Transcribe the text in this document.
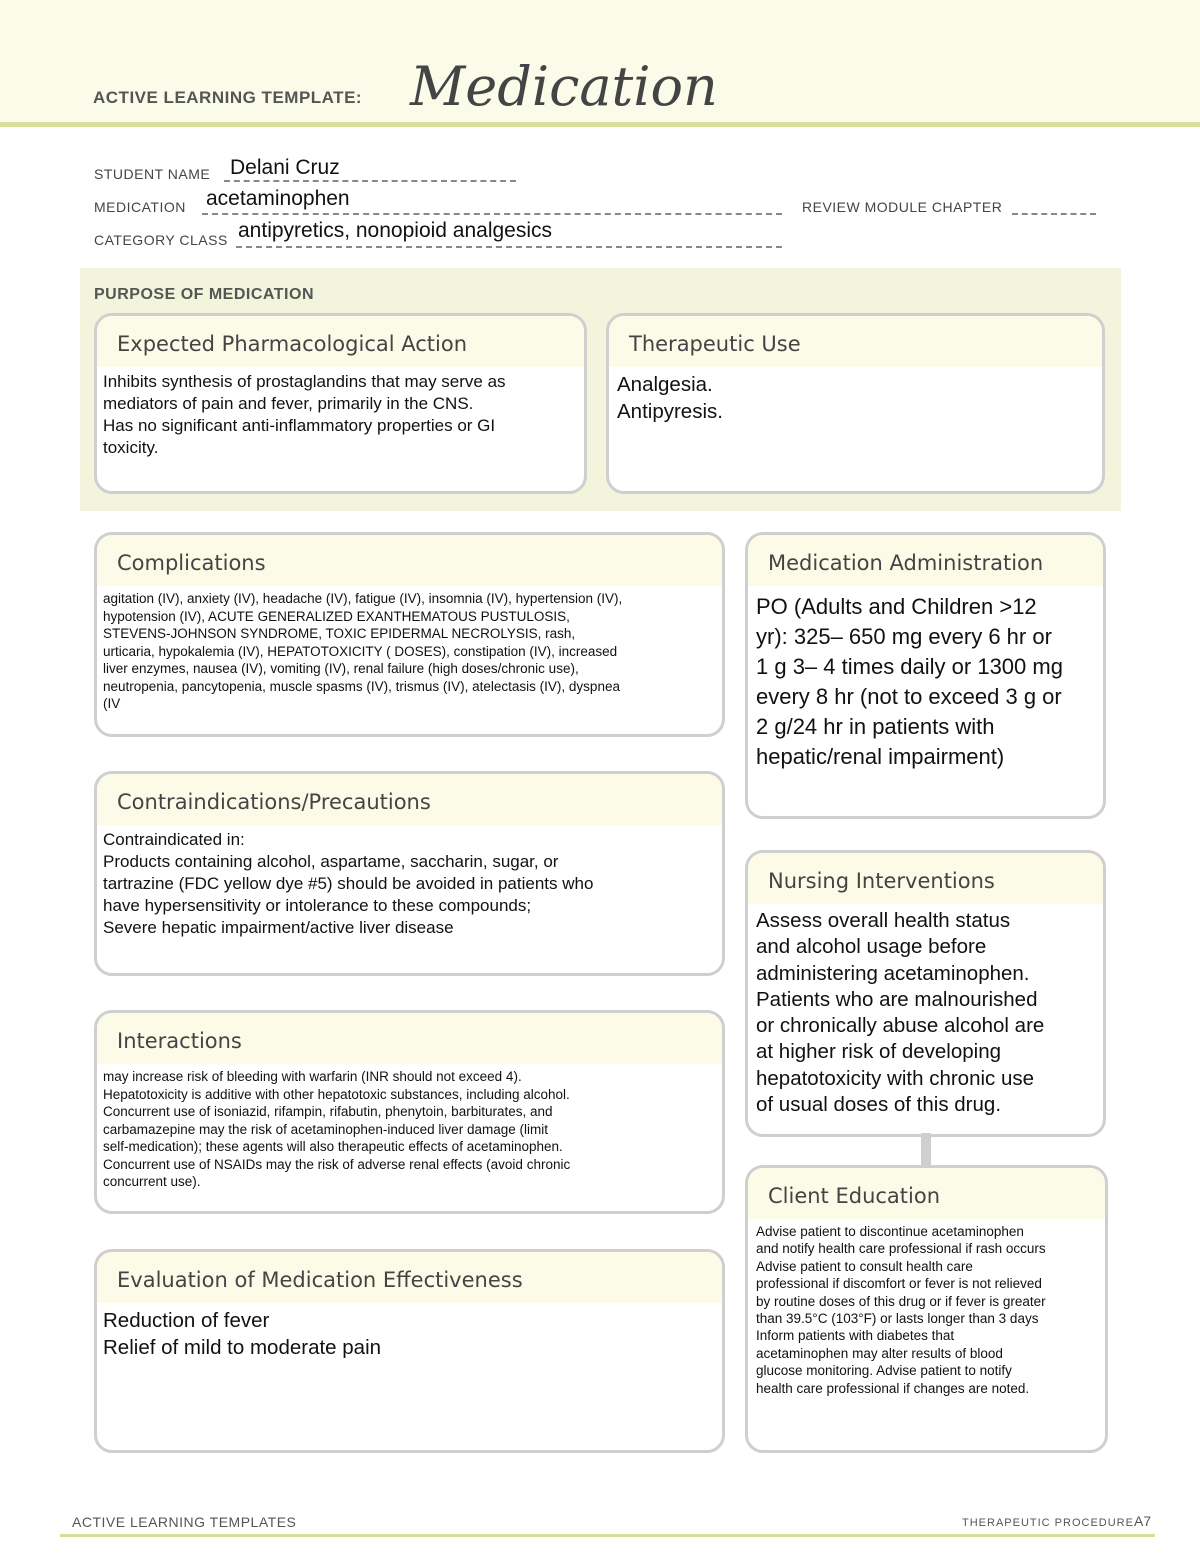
ACTIVE LEARNING TEMPLATE: Medication
STUDENT NAME Delani Cruz
MEDICATION acetaminophen	REVIEW MODULE CHAPTER
CATEGORY CLASS antipyretics, nonopioid analgesics
PURPOSE OF MEDICATION
Expected Pharmacological Action
Inhibits synthesis of prostaglandins that may serve as
mediators of pain and fever, primarily in the CNS.
Has no significant anti-inflammatory properties or GI
toxicity.
Therapeutic Use
Analgesia.
Antipyresis.
Complications
agitation (IV), anxiety (IV), headache (IV), fatigue (IV), insomnia (IV), hypertension (IV),
hypotension (IV), ACUTE GENERALIZED EXANTHEMATOUS PUSTULOSIS,
STEVENS-JOHNSON SYNDROME, TOXIC EPIDERMAL NECROLYSIS, rash,
urticaria, hypokalemia (IV), HEPATOTOXICITY ( DOSES), constipation (IV), increased
liver enzymes, nausea (IV), vomiting (IV), renal failure (high doses/chronic use),
neutropenia, pancytopenia, muscle spasms (IV), trismus (IV), atelectasis (IV), dyspnea
(IV
Medication Administration
PO (Adults and Children >12
yr): 325– 650 mg every 6 hr or
1 g 3– 4 times daily or 1300 mg
every 8 hr (not to exceed 3 g or
2 g/24 hr in patients with
hepatic/renal impairment)
Contraindications/Precautions
Contraindicated in:
Products containing alcohol, aspartame, saccharin, sugar, or
tartrazine (FDC yellow dye #5) should be avoided in patients who
have hypersensitivity or intolerance to these compounds;
Severe hepatic impairment/active liver disease
Nursing Interventions
Assess overall health status
and alcohol usage before
administering acetaminophen.
Patients who are malnourished
or chronically abuse alcohol are
at higher risk of developing
hepatotoxicity with chronic use
of usual doses of this drug.
Interactions
may increase risk of bleeding with warfarin (INR should not exceed 4).
Hepatotoxicity is additive with other hepatotoxic substances, including alcohol.
Concurrent use of isoniazid, rifampin, rifabutin, phenytoin, barbiturates, and
carbamazepine may the risk of acetaminophen-induced liver damage (limit
self-medication); these agents will also therapeutic effects of acetaminophen.
Concurrent use of NSAIDs may the risk of adverse renal effects (avoid chronic
concurrent use).
Client Education
Advise patient to discontinue acetaminophen
and notify health care professional if rash occurs
Advise patient to consult health care
professional if discomfort or fever is not relieved
by routine doses of this drug or if fever is greater
than 39.5°C (103°F) or lasts longer than 3 days
Inform patients with diabetes that
acetaminophen may alter results of blood
glucose monitoring. Advise patient to notify
health care professional if changes are noted.
Evaluation of Medication Effectiveness
Reduction of fever
Relief of mild to moderate pain
ACTIVE LEARNING TEMPLATES	THERAPEUTIC PROCEDURE A7
